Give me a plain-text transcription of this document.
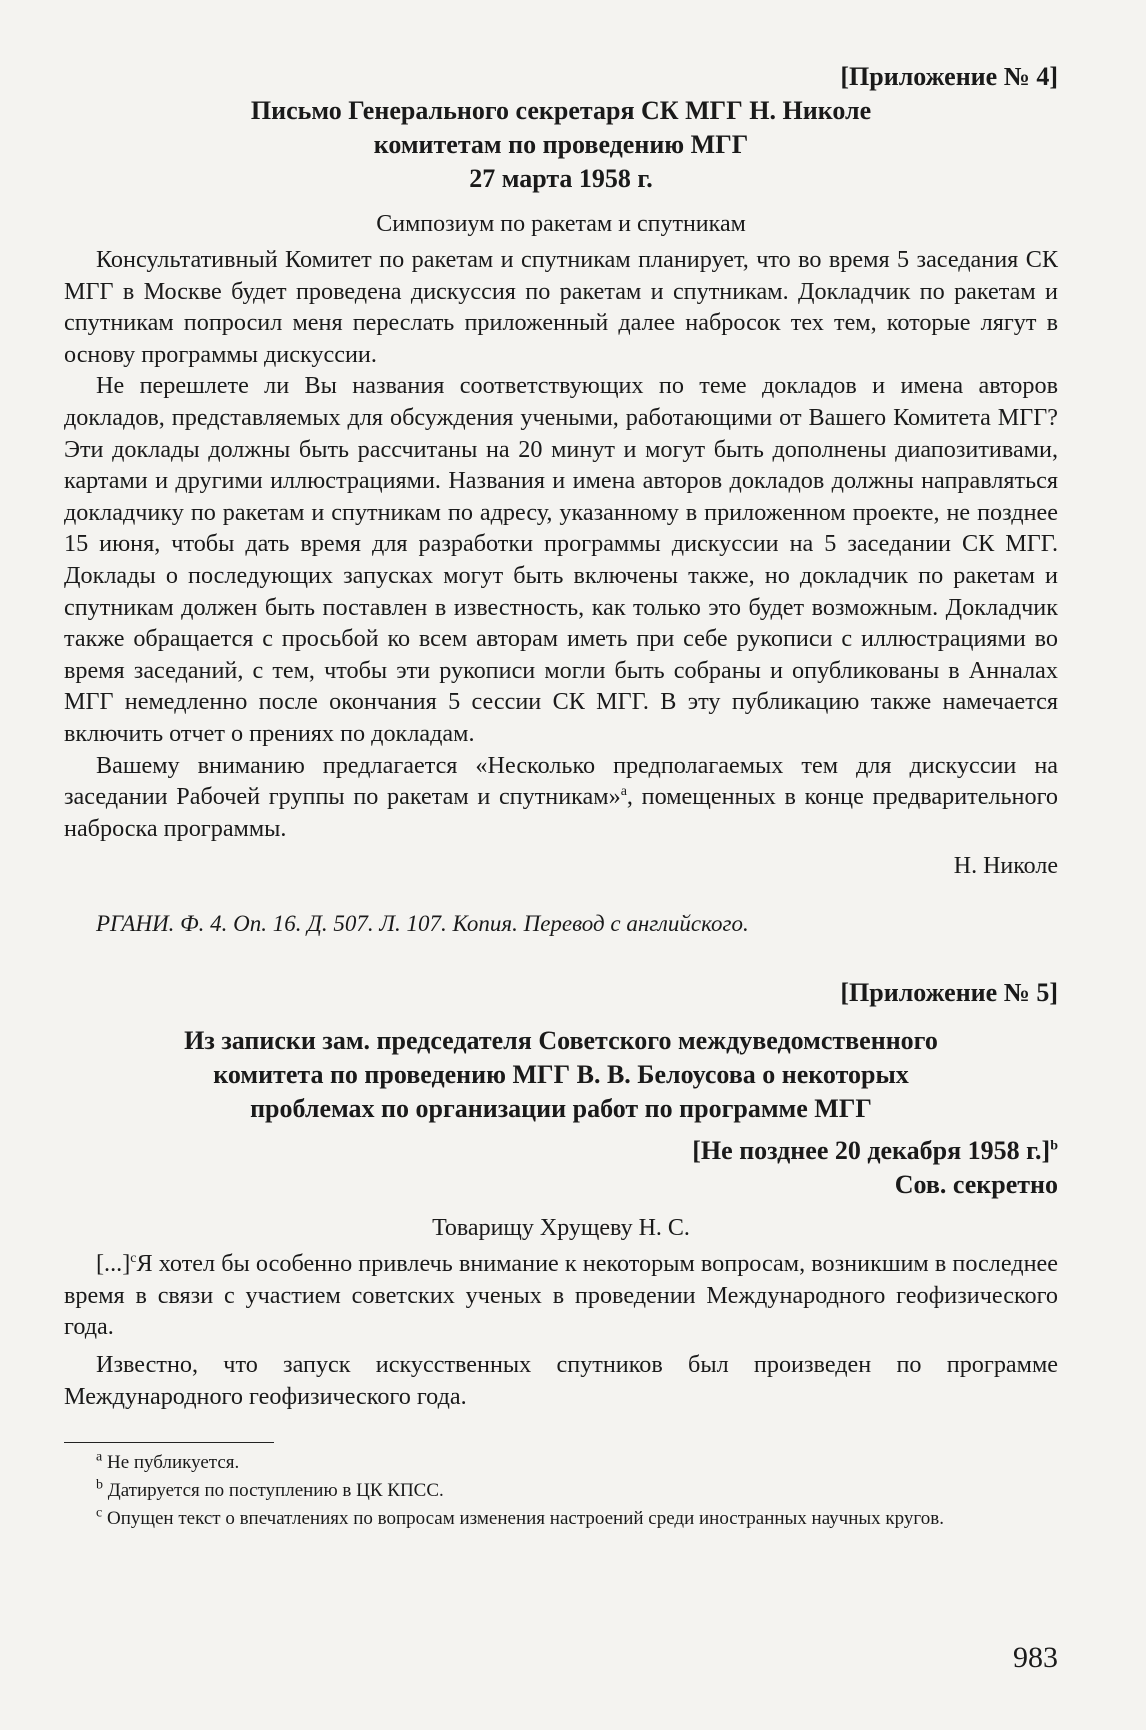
[Приложение № 4]
Письмо Генерального секретаря СК МГГ Н. Николе
комитетам по проведению МГГ
27 марта 1958 г.
Симпозиум по ракетам и спутникам

Консультативный Комитет по ракетам и спутникам планирует, что во время 5 заседания СК МГГ в Москве будет проведена дискуссия по ракетам и спутникам. Докладчик по ракетам и спутникам попросил меня переслать приложенный далее набросок тех тем, которые лягут в основу программы дискуссии.

Не перешлете ли Вы названия соответствующих по теме докладов и имена авторов докладов, представляемых для обсуждения учеными, работающими от Вашего Комитета МГГ? Эти доклады должны быть рассчитаны на 20 минут и могут быть дополнены диапозитивами, картами и другими иллюстрациями. Названия и имена авторов докладов должны направляться докладчику по ракетам и спутникам по адресу, указанному в приложенном проекте, не позднее 15 июня, чтобы дать время для разработки программы дискуссии на 5 заседании СК МГГ. Доклады о последующих запусках могут быть включены также, но докладчик по ракетам и спутникам должен быть поставлен в известность, как только это будет возможным. Докладчик также обращается с просьбой ко всем авторам иметь при себе рукописи с иллюстрациями во время заседаний, с тем, чтобы эти рукописи могли быть собраны и опубликованы в Анналах МГГ немедленно после окончания 5 сессии СК МГГ. В эту публикацию также намечается включить отчет о прениях по докладам.

Вашему вниманию предлагается «Несколько предполагаемых тем для дискуссии на заседании Рабочей группы по ракетам и спутникам»$^a$, помещенных в конце предварительного наброска программы.

Н. Николе
РГАНИ. Ф. 4. Оп. 16. Д. 507. Л. 107. Копия. Перевод с английского.
[Приложение № 5]
Из записки зам. председателя Советского междуведомственного
комитета по проведению МГГ В. В. Белоусова о некоторых
проблемах по организации работ по программе МГГ
[Не позднее 20 декабря 1958 г.]$^b$
Сов. секретно
Товарищу Хрущеву Н. С.

[...]$^c$Я хотел бы особенно привлечь внимание к некоторым вопросам, возникшим в последнее время в связи с участием советских ученых в проведении Международного геофизического года.

Известно, что запуск искусственных спутников был произведен по программе Международного геофизического года.

$^a$ Не публикуется.

$^b$ Датируется по поступлению в ЦК КПСС.

$^c$ Опущен текст о впечатлениях по вопросам изменения настроений среди иностранных научных кругов.

983
